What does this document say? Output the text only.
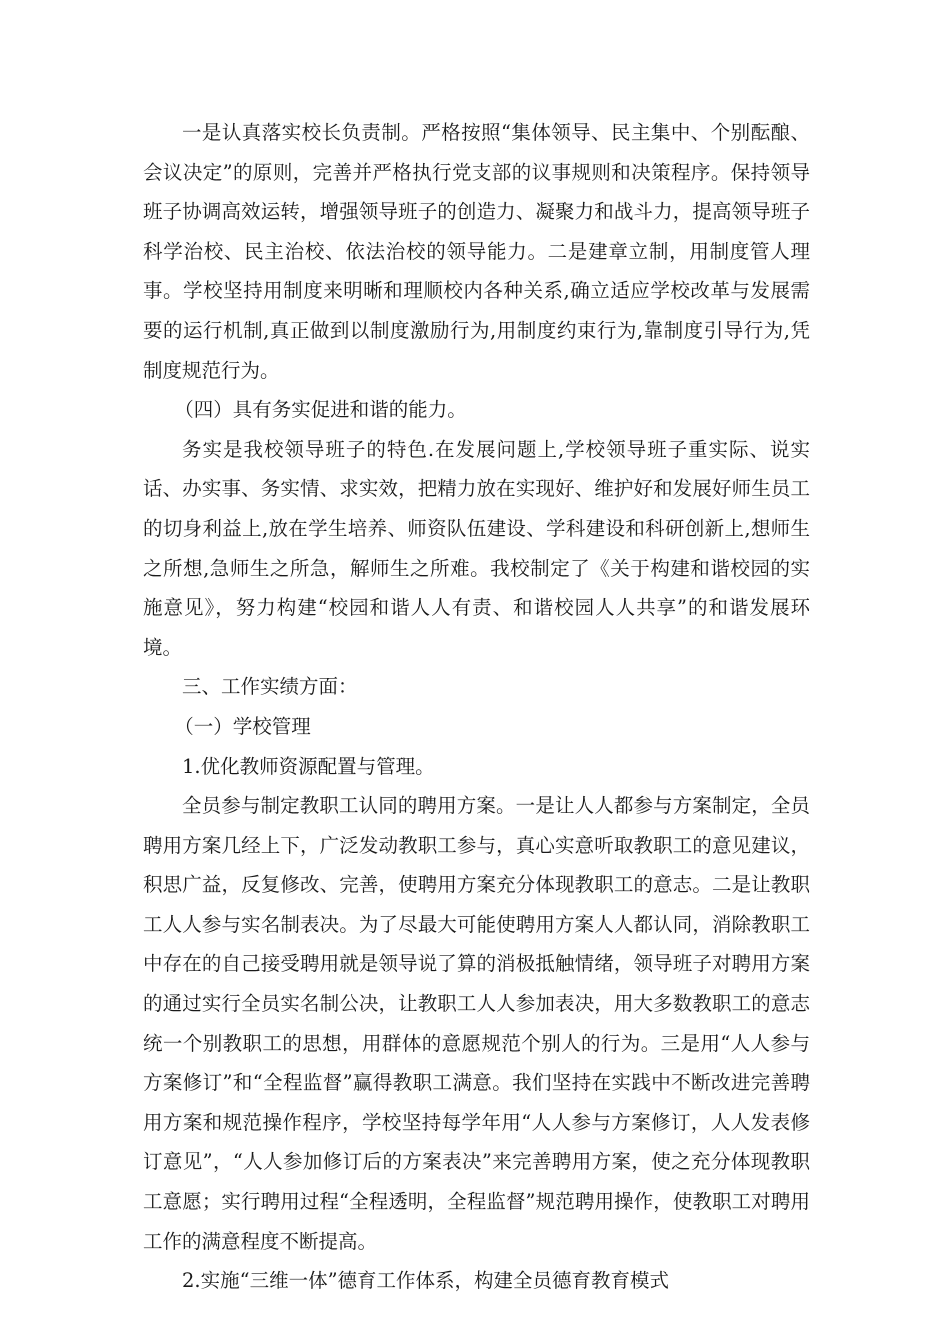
一是认真落实校长负责制。严格按照“集体领导、民主集中、个别酝酿、会议决定”的原则，完善并严格执行党支部的议事规则和决策程序。保持领导班子协调高效运转，增强领导班子的创造力、凝聚力和战斗力，提高领导班子科学治校、民主治校、依法治校的领导能力。二是建章立制，用制度管人理事。学校坚持用制度来明晰和理顺校内各种关系,确立适应学校改革与发展需要的运行机制,真正做到以制度激励行为,用制度约束行为,靠制度引导行为,凭制度规范行为。

（四）具有务实促进和谐的能力。

务实是我校领导班子的特色.在发展问题上,学校领导班子重实际、说实话、办实事、务实情、求实效，把精力放在实现好、维护好和发展好师生员工的切身利益上,放在学生培养、师资队伍建设、学科建设和科研创新上,想师生之所想,急师生之所急，解师生之所难。我校制定了《关于构建和谐校园的实施意见》，努力构建“校园和谐人人有责、和谐校园人人共享”的和谐发展环境。

三、工作实绩方面：

（一）学校管理

1.优化教师资源配置与管理。

全员参与制定教职工认同的聘用方案。一是让人人都参与方案制定，全员聘用方案几经上下，广泛发动教职工参与，真心实意听取教职工的意见建议，积思广益，反复修改、完善，使聘用方案充分体现教职工的意志。二是让教职工人人参与实名制表决。为了尽最大可能使聘用方案人人都认同，消除教职工中存在的自己接受聘用就是领导说了算的消极抵触情绪，领导班子对聘用方案的通过实行全员实名制公决，让教职工人人参加表决，用大多数教职工的意志统一个别教职工的思想，用群体的意愿规范个别人的行为。三是用“人人参与方案修订”和“全程监督”赢得教职工满意。我们坚持在实践中不断改进完善聘用方案和规范操作程序，学校坚持每学年用“人人参与方案修订，人人发表修订意见”，“人人参加修订后的方案表决”来完善聘用方案，使之充分体现教职工意愿；实行聘用过程“全程透明，全程监督”规范聘用操作，使教职工对聘用工作的满意程度不断提高。

2.实施“三维一体”德育工作体系，构建全员德育教育模式
